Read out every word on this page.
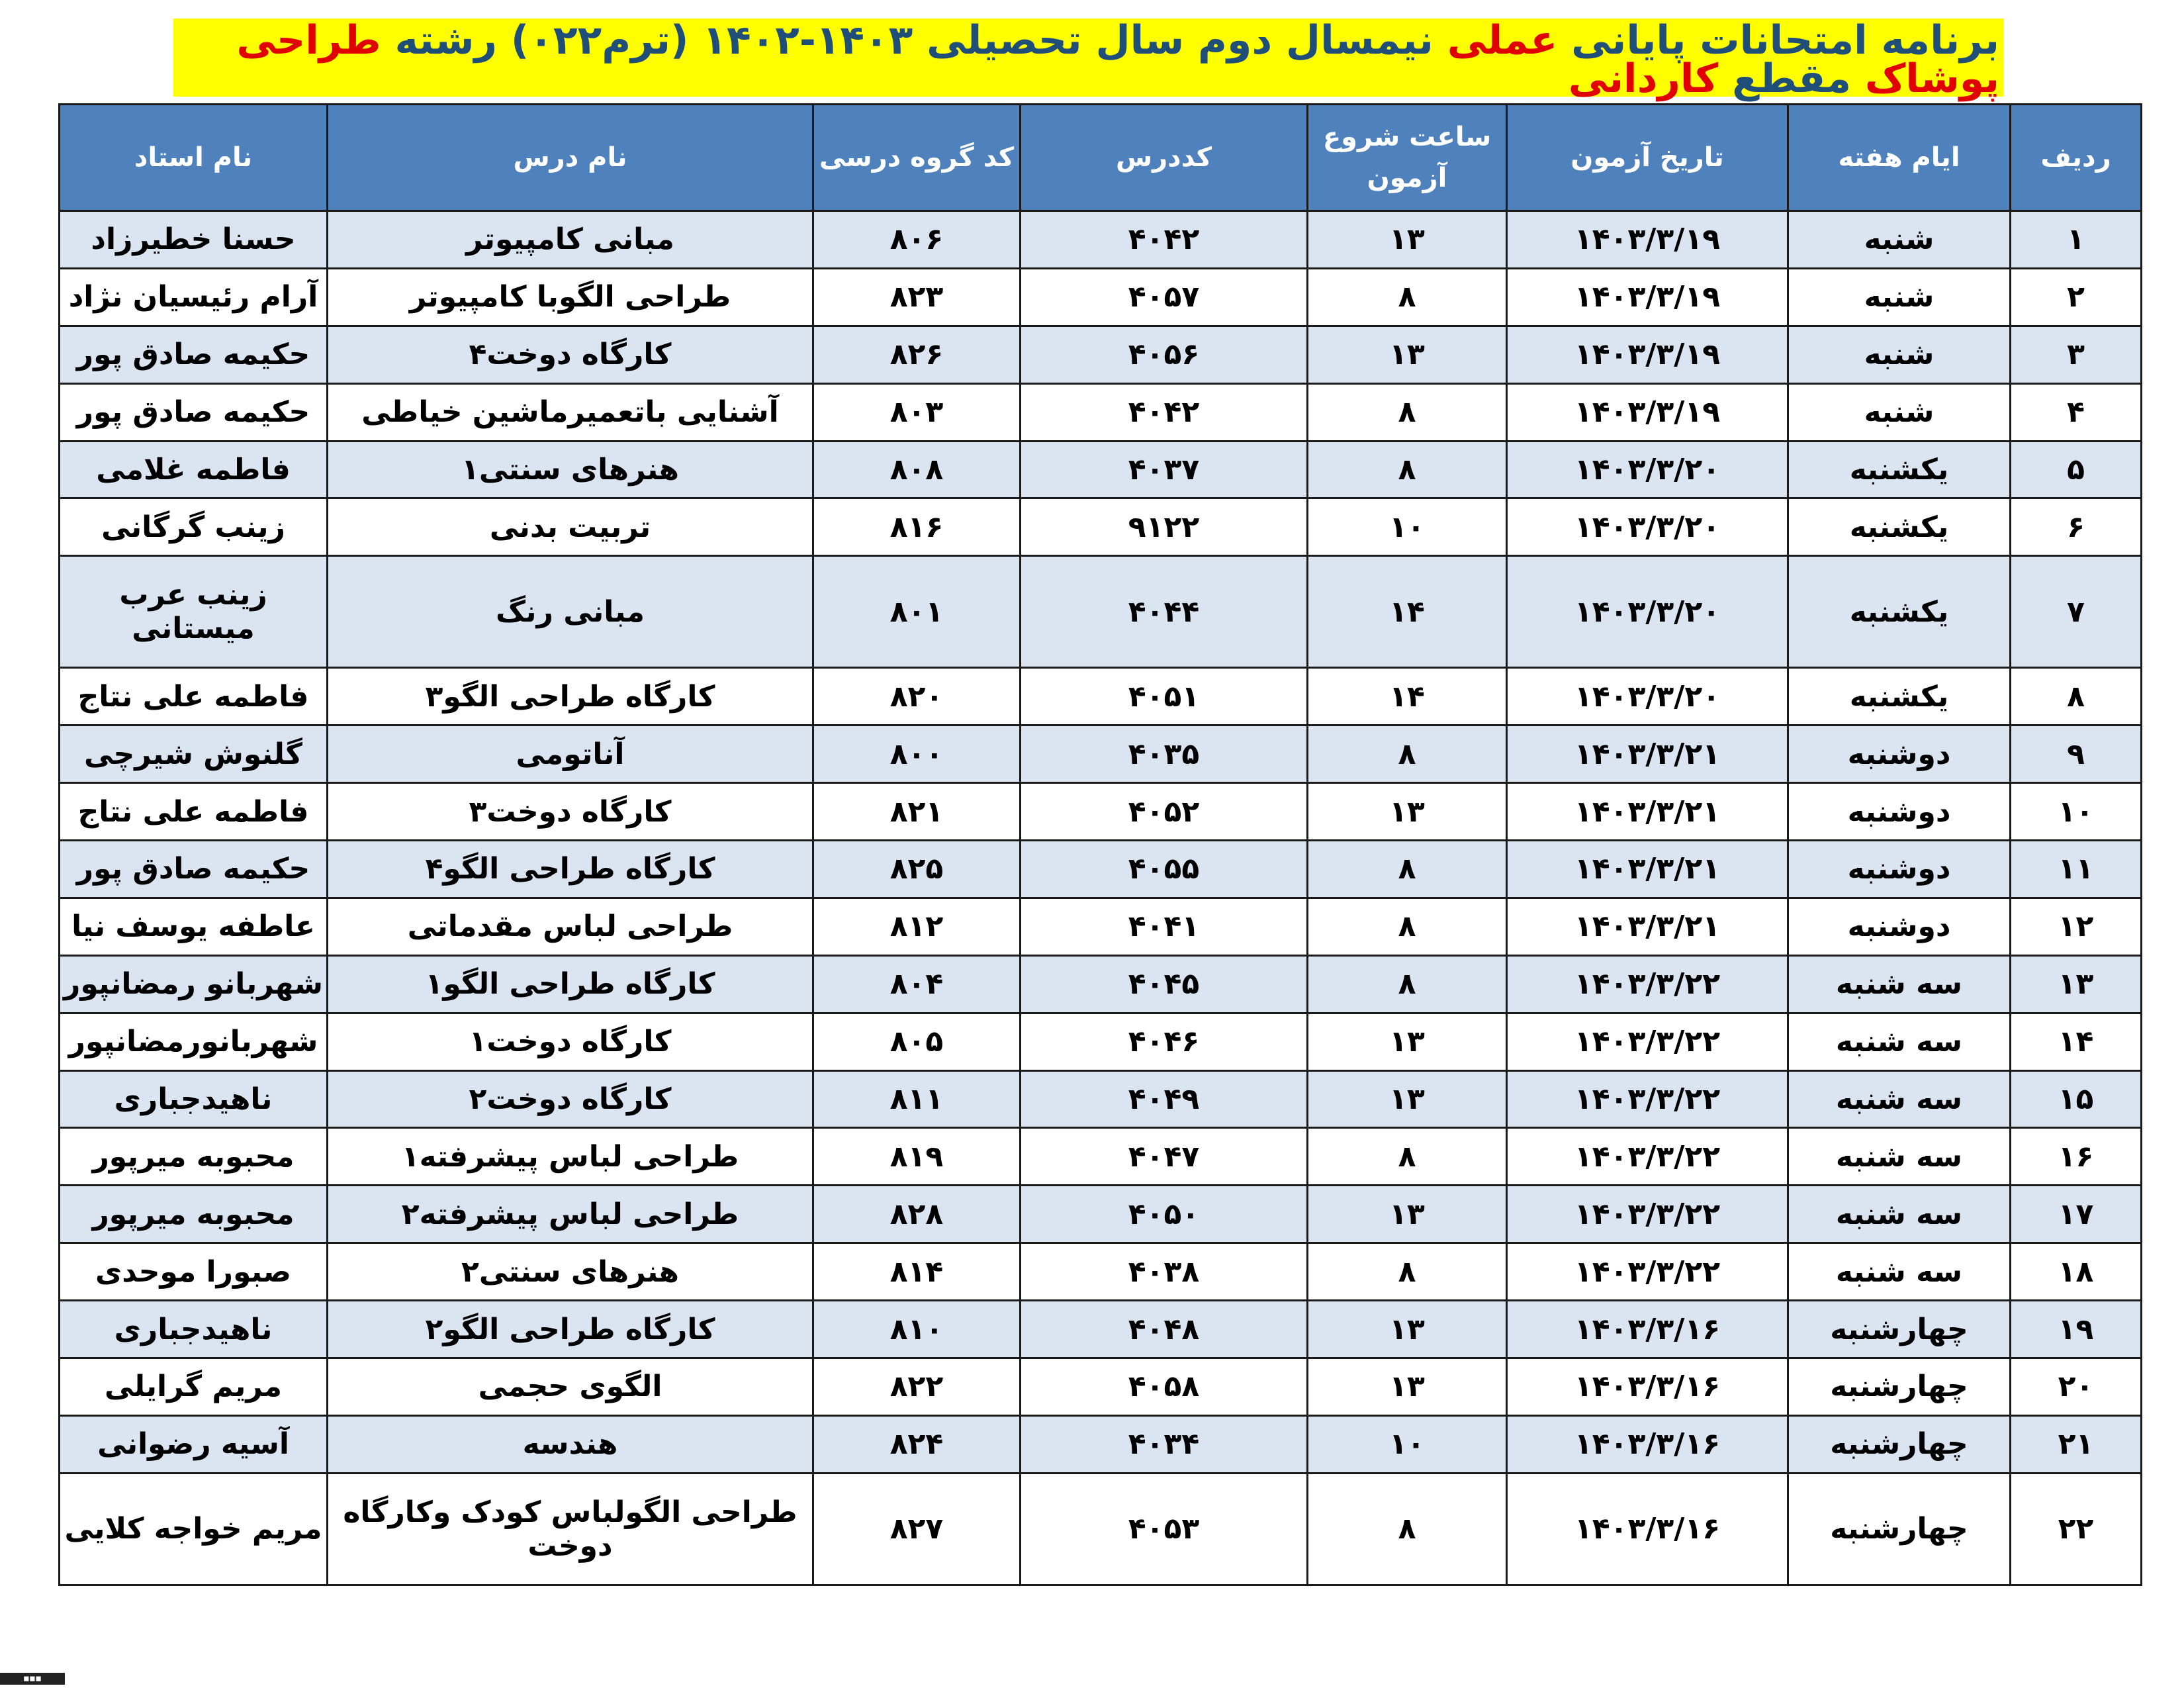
برنامه امتحانات پایانی عملی نیمسال دوم سال تحصیلی ۱۴۰۳-۱۴۰۲ (ترم۰۲۲) رشته طراحی پوشاک مقطع کاردانی
ردیف	ایام هفته	تاریخ آزمون	ساعت شروع آزمون	کددرس	کد گروه درسی	نام درس	نام استاد
۱	شنبه	۱۴۰۳/۳/۱۹	۱۳	۴۰۴۲	۸۰۶	مبانی کامپیوتر	حسنا خطیرزاد
۲	شنبه	۱۴۰۳/۳/۱۹	۸	۴۰۵۷	۸۲۳	طراحی الگوبا کامپیوتر	آرام رئیسیان نژاد
۳	شنبه	۱۴۰۳/۳/۱۹	۱۳	۴۰۵۶	۸۲۶	کارگاه دوخت۴	حکیمه صادق پور
۴	شنبه	۱۴۰۳/۳/۱۹	۸	۴۰۴۲	۸۰۳	آشنایی باتعمیرماشین خیاطی	حکیمه صادق پور
۵	یکشنبه	۱۴۰۳/۳/۲۰	۸	۴۰۳۷	۸۰۸	هنرهای سنتی۱	فاطمه غلامی
۶	یکشنبه	۱۴۰۳/۳/۲۰	۱۰	۹۱۲۲	۸۱۶	تربیت بدنی	زینب گرگانی
۷	یکشنبه	۱۴۰۳/۳/۲۰	۱۴	۴۰۴۴	۸۰۱	مبانی رنگ	زینب عرب میستانی
۸	یکشنبه	۱۴۰۳/۳/۲۰	۱۴	۴۰۵۱	۸۲۰	کارگاه طراحی الگو۳	فاطمه علی نتاج
۹	دوشنبه	۱۴۰۳/۳/۲۱	۸	۴۰۳۵	۸۰۰	آناتومی	گلنوش شیرچی
۱۰	دوشنبه	۱۴۰۳/۳/۲۱	۱۳	۴۰۵۲	۸۲۱	کارگاه دوخت۳	فاطمه علی نتاج
۱۱	دوشنبه	۱۴۰۳/۳/۲۱	۸	۴۰۵۵	۸۲۵	کارگاه طراحی الگو۴	حکیمه صادق پور
۱۲	دوشنبه	۱۴۰۳/۳/۲۱	۸	۴۰۴۱	۸۱۲	طراحی لباس مقدماتی	عاطفه یوسف نیا
۱۳	سه شنبه	۱۴۰۳/۳/۲۲	۸	۴۰۴۵	۸۰۴	کارگاه طراحی الگو۱	شهربانو رمضانپور
۱۴	سه شنبه	۱۴۰۳/۳/۲۲	۱۳	۴۰۴۶	۸۰۵	کارگاه دوخت۱	شهربانورمضانپور
۱۵	سه شنبه	۱۴۰۳/۳/۲۲	۱۳	۴۰۴۹	۸۱۱	کارگاه دوخت۲	ناهیدجباری
۱۶	سه شنبه	۱۴۰۳/۳/۲۲	۸	۴۰۴۷	۸۱۹	طراحی لباس پیشرفته۱	محبوبه میرپور
۱۷	سه شنبه	۱۴۰۳/۳/۲۲	۱۳	۴۰۵۰	۸۲۸	طراحی لباس پیشرفته۲	محبوبه میرپور
۱۸	سه شنبه	۱۴۰۳/۳/۲۲	۸	۴۰۳۸	۸۱۴	هنرهای سنتی۲	صبورا موحدی
۱۹	چهارشنبه	۱۴۰۳/۳/۱۶	۱۳	۴۰۴۸	۸۱۰	کارگاه طراحی الگو۲	ناهیدجباری
۲۰	چهارشنبه	۱۴۰۳/۳/۱۶	۱۳	۴۰۵۸	۸۲۲	الگوی حجمی	مریم گرایلی
۲۱	چهارشنبه	۱۴۰۳/۳/۱۶	۱۰	۴۰۳۴	۸۲۴	هندسه	آسیه رضوانی
۲۲	چهارشنبه	۱۴۰۳/۳/۱۶	۸	۴۰۵۳	۸۲۷	طراحی الگولباس کودک وکارگاه دوخت	مریم خواجه کلایی
◼◼◼
